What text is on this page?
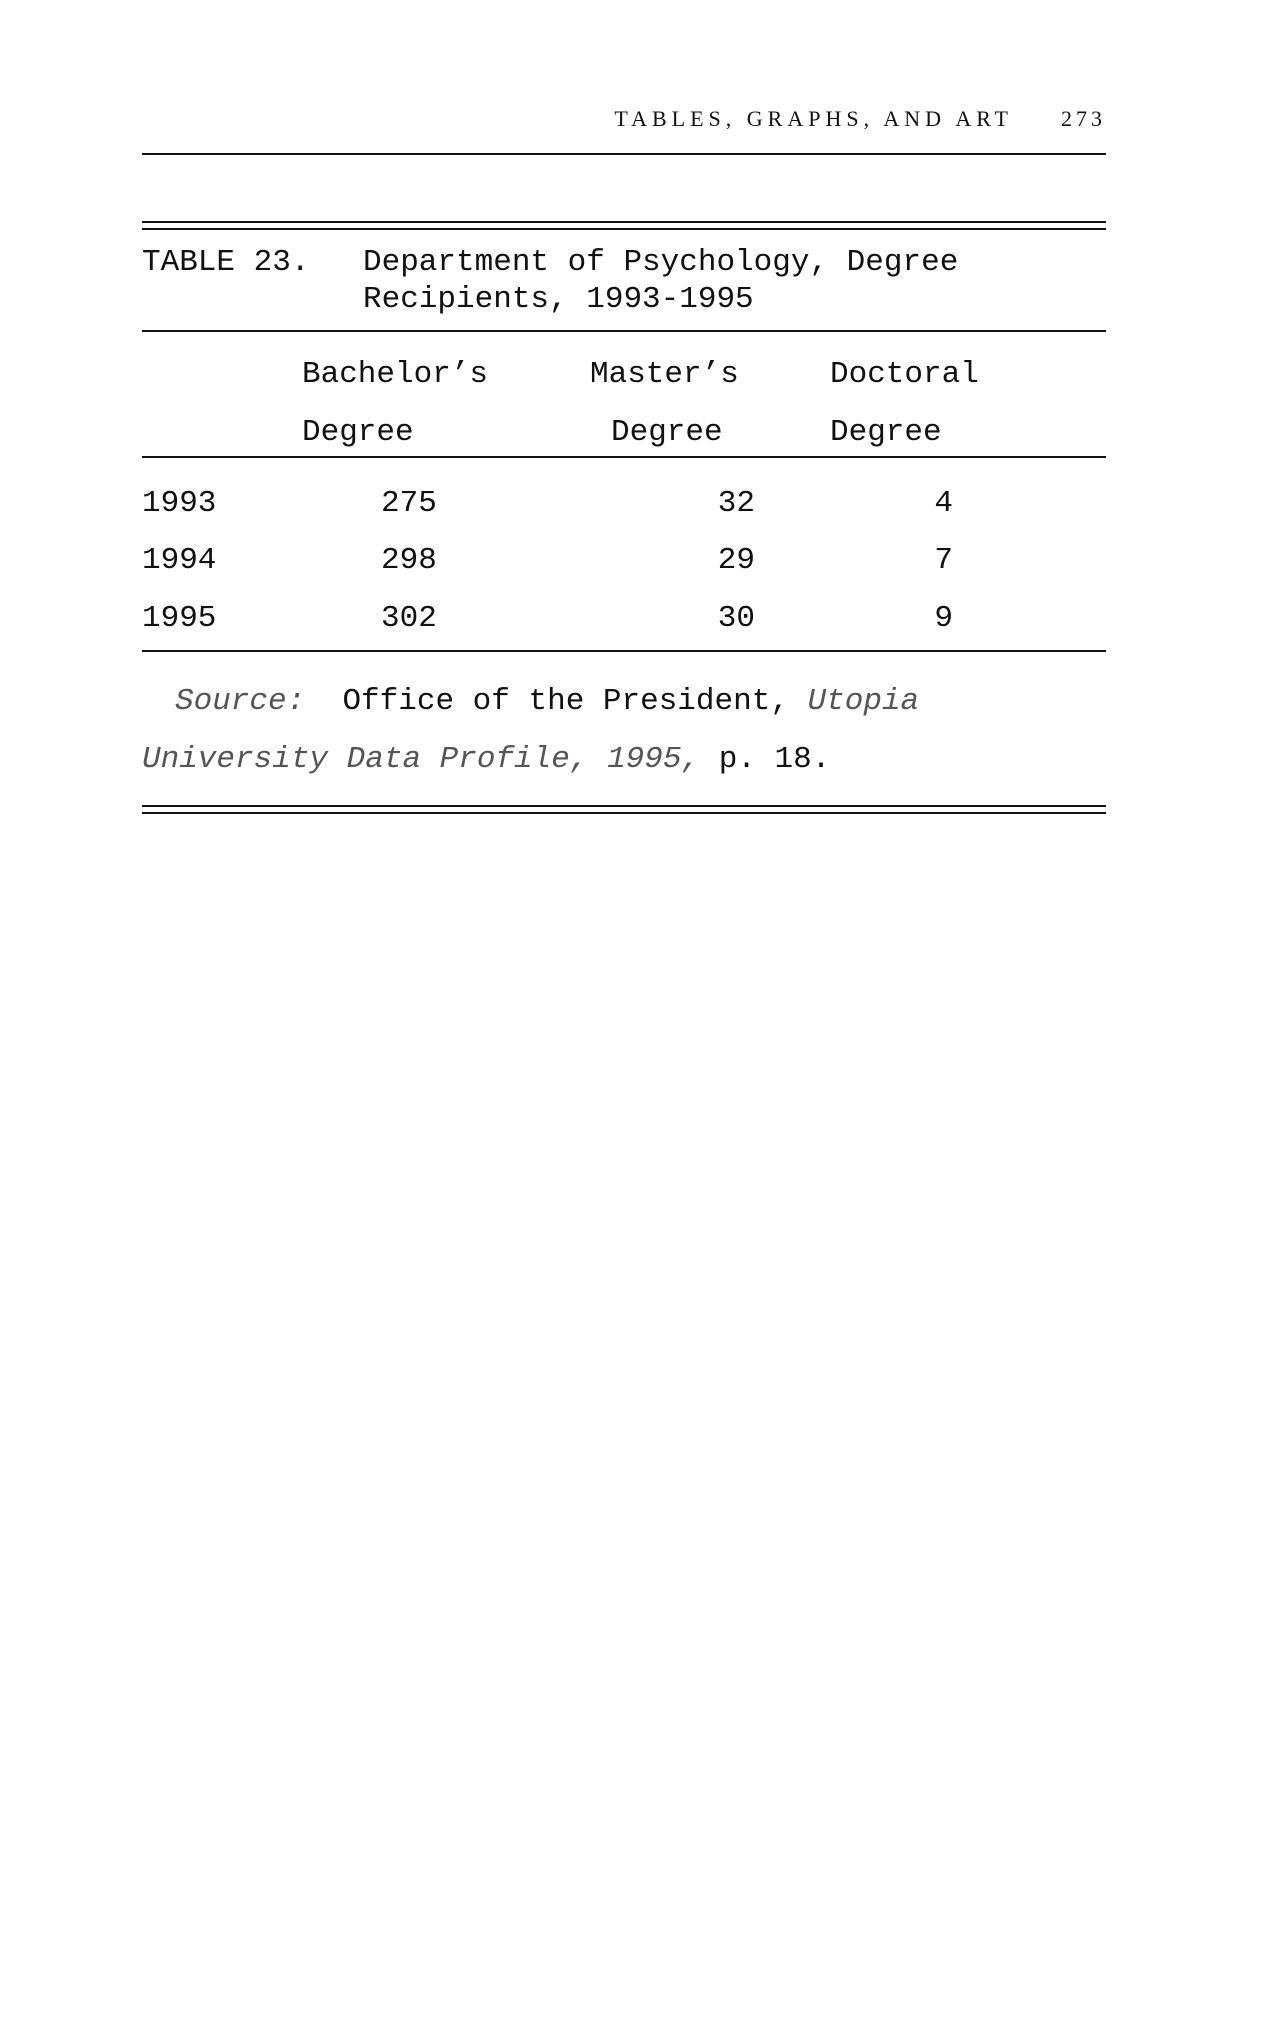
TABLES, GRAPHS, AND ART 273
TABLE 23. Department of Psychology, Degree
Recipients, 1993-1995
Bachelor’s	Master’s	Doctoral
Degree	Degree	Degree
1993	275	32	4
1994	298	29	7
1995	302	30	9
Source: Office of the President, Utopia
University Data Profile, 1995, p. 18.
